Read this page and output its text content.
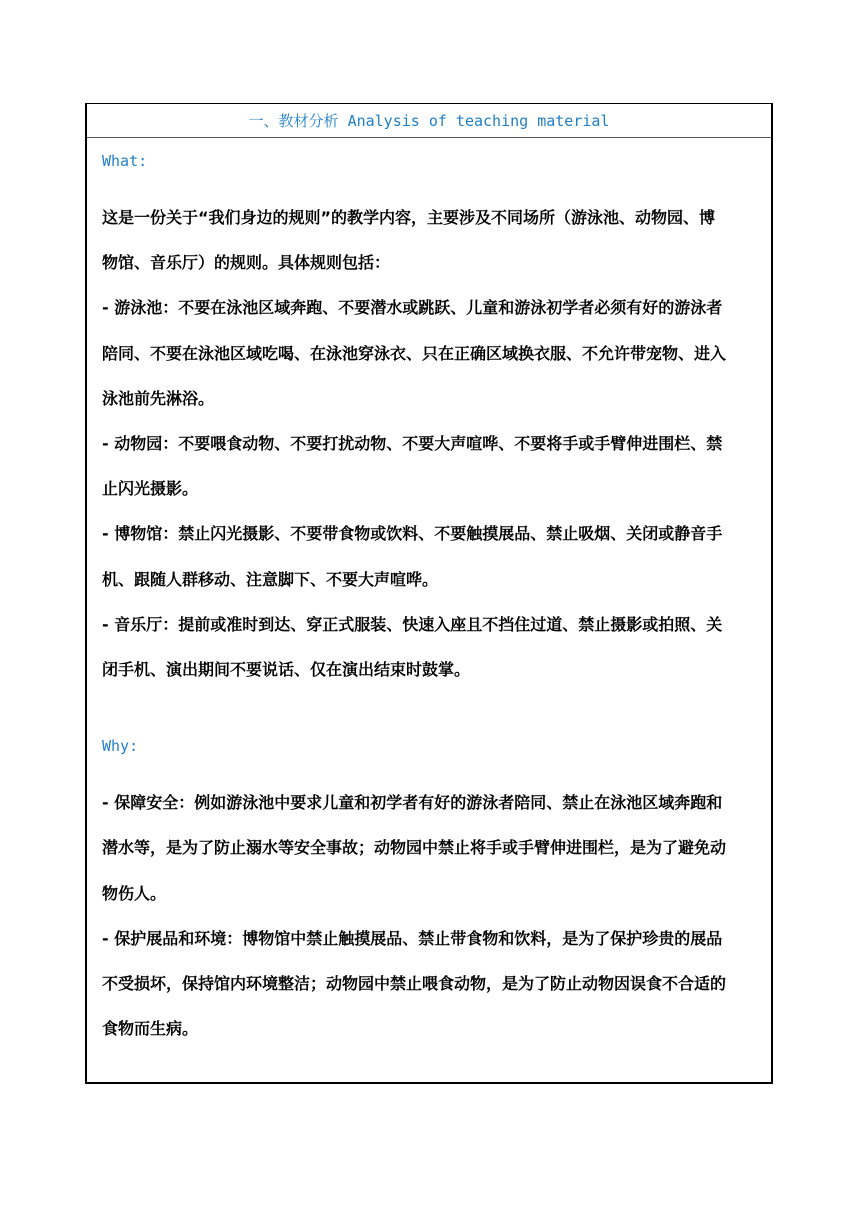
一、教材分析 Analysis of teaching material
What:

这是一份关于“我们身边的规则”的教学内容，主要涉及不同场所（游泳池、动物园、博

物馆、音乐厅）的规则。具体规则包括：

- 游泳池：不要在泳池区域奔跑、不要潜水或跳跃、儿童和游泳初学者必须有好的游泳者

陪同、不要在泳池区域吃喝、在泳池穿泳衣、只在正确区域换衣服、不允许带宠物、进入

泳池前先淋浴。

- 动物园：不要喂食动物、不要打扰动物、不要大声喧哗、不要将手或手臂伸进围栏、禁

止闪光摄影。

- 博物馆：禁止闪光摄影、不要带食物或饮料、不要触摸展品、禁止吸烟、关闭或静音手

机、跟随人群移动、注意脚下、不要大声喧哗。

- 音乐厅：提前或准时到达、穿正式服装、快速入座且不挡住过道、禁止摄影或拍照、关

闭手机、演出期间不要说话、仅在演出结束时鼓掌。

Why:

- 保障安全：例如游泳池中要求儿童和初学者有好的游泳者陪同、禁止在泳池区域奔跑和

潜水等，是为了防止溺水等安全事故；动物园中禁止将手或手臂伸进围栏，是为了避免动

物伤人。

- 保护展品和环境：博物馆中禁止触摸展品、禁止带食物和饮料，是为了保护珍贵的展品

不受损坏，保持馆内环境整洁；动物园中禁止喂食动物，是为了防止动物因误食不合适的

食物而生病。
